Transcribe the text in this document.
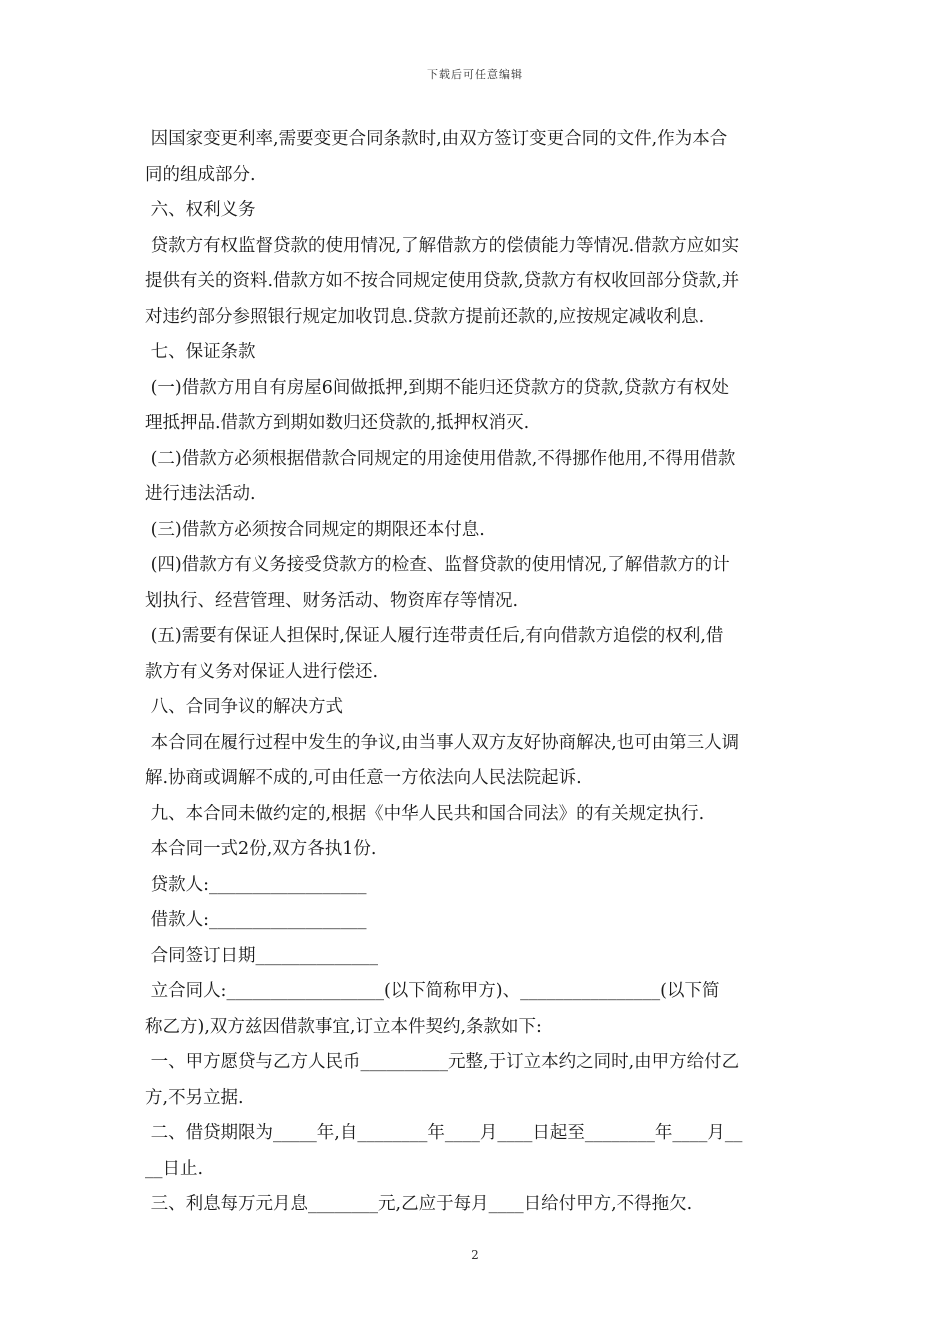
下载后可任意编辑
因国家变更利率,需要变更合同条款时,由双方签订变更合同的文件,作为本合
同的组成部分.
六、权利义务
贷款方有权监督贷款的使用情况,了解借款方的偿债能力等情况.借款方应如实
提供有关的资料.借款方如不按合同规定使用贷款,贷款方有权收回部分贷款,并
对违约部分参照银行规定加收罚息.贷款方提前还款的,应按规定减收利息.
七、保证条款
(一)借款方用自有房屋6间做抵押,到期不能归还贷款方的贷款,贷款方有权处
理抵押品.借款方到期如数归还贷款的,抵押权消灭.
(二)借款方必须根据借款合同规定的用途使用借款,不得挪作他用,不得用借款
进行违法活动.
(三)借款方必须按合同规定的期限还本付息.
(四)借款方有义务接受贷款方的检查、监督贷款的使用情况,了解借款方的计
划执行、经营管理、财务活动、物资库存等情况.
(五)需要有保证人担保时,保证人履行连带责任后,有向借款方追偿的权利,借
款方有义务对保证人进行偿还.
八、合同争议的解决方式
本合同在履行过程中发生的争议,由当事人双方友好协商解决,也可由第三人调
解.协商或调解不成的,可由任意一方依法向人民法院起诉.
九、本合同未做约定的,根据《中华人民共和国合同法》的有关规定执行.
本合同一式2份,双方各执1份.
贷款人:__________________
借款人:__________________
合同签订日期______________
立合同人:__________________(以下简称甲方)、________________(以下简
称乙方),双方兹因借款事宜,订立本件契约,条款如下:
一、甲方愿贷与乙方人民币__________元整,于订立本约之同时,由甲方给付乙
方,不另立据.
二、借贷期限为_____年,自________年____月____日起至________年____月__
__日止.
三、利息每万元月息________元,乙应于每月____日给付甲方,不得拖欠.
2
